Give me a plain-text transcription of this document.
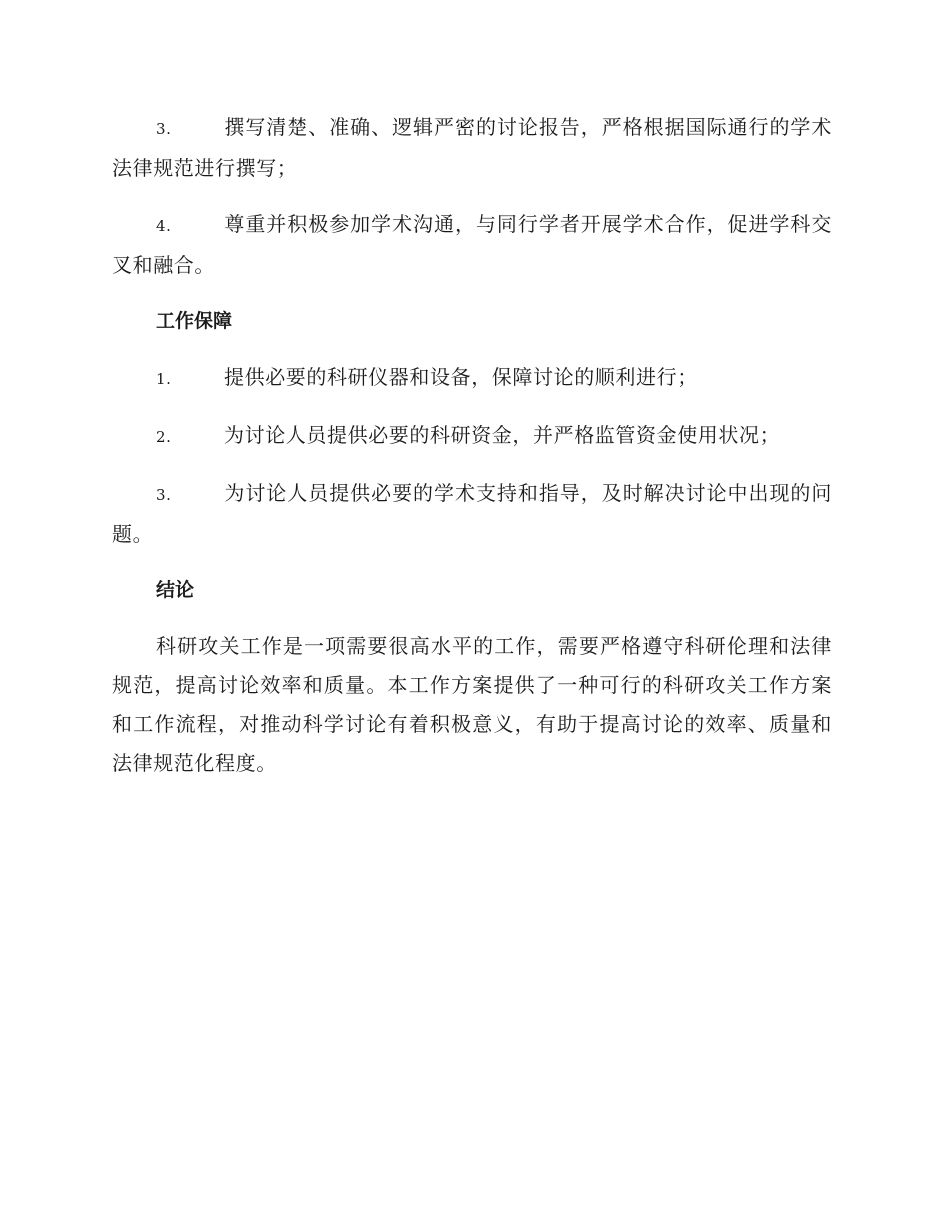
3.	撰写清楚、准确、逻辑严密的讨论报告，严格根据国际通行的学术法律规范进行撰写；

4.	尊重并积极参加学术沟通，与同行学者开展学术合作，促进学科交叉和融合。

工作保障

1.	提供必要的科研仪器和设备，保障讨论的顺利进行；

2.	为讨论人员提供必要的科研资金，并严格监管资金使用状况；

3.	为讨论人员提供必要的学术支持和指导，及时解决讨论中出现的问题。

结论

科研攻关工作是一项需要很高水平的工作，需要严格遵守科研伦理和法律规范，提高讨论效率和质量。本工作方案提供了一种可行的科研攻关工作方案和工作流程，对推动科学讨论有着积极意义，有助于提高讨论的效率、质量和法律规范化程度。
